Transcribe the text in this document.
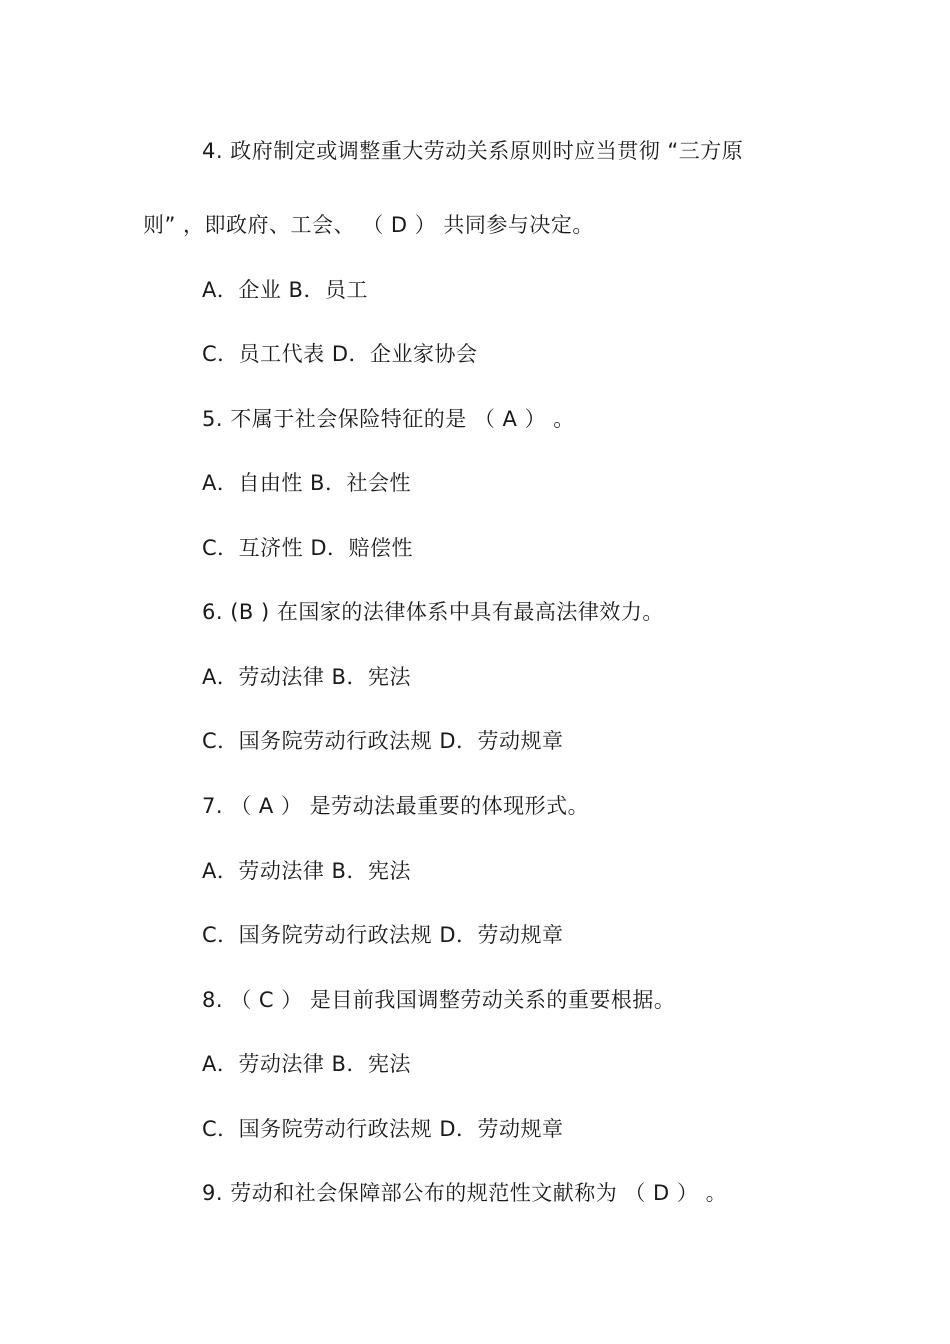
4. 政府制定或调整重大劳动关系原则时应当贯彻 “三方原
则” ，即政府、工会、 （ D ） 共同参与决定。
A．企业 B．员工
C．员工代表 D．企业家协会
5. 不属于社会保险特征的是 （ A ） 。
A．自由性 B．社会性
C．互济性 D．赔偿性
6. (B ) 在国家的法律体系中具有最高法律效力。
A．劳动法律 B．宪法
C．国务院劳动行政法规 D．劳动规章
7. （ A ） 是劳动法最重要的体现形式。
A．劳动法律 B．宪法
C．国务院劳动行政法规 D．劳动规章
8. （ C ） 是目前我国调整劳动关系的重要根据。
A．劳动法律 B．宪法
C．国务院劳动行政法规 D．劳动规章
9. 劳动和社会保障部公布的规范性文献称为 （ D ） 。
